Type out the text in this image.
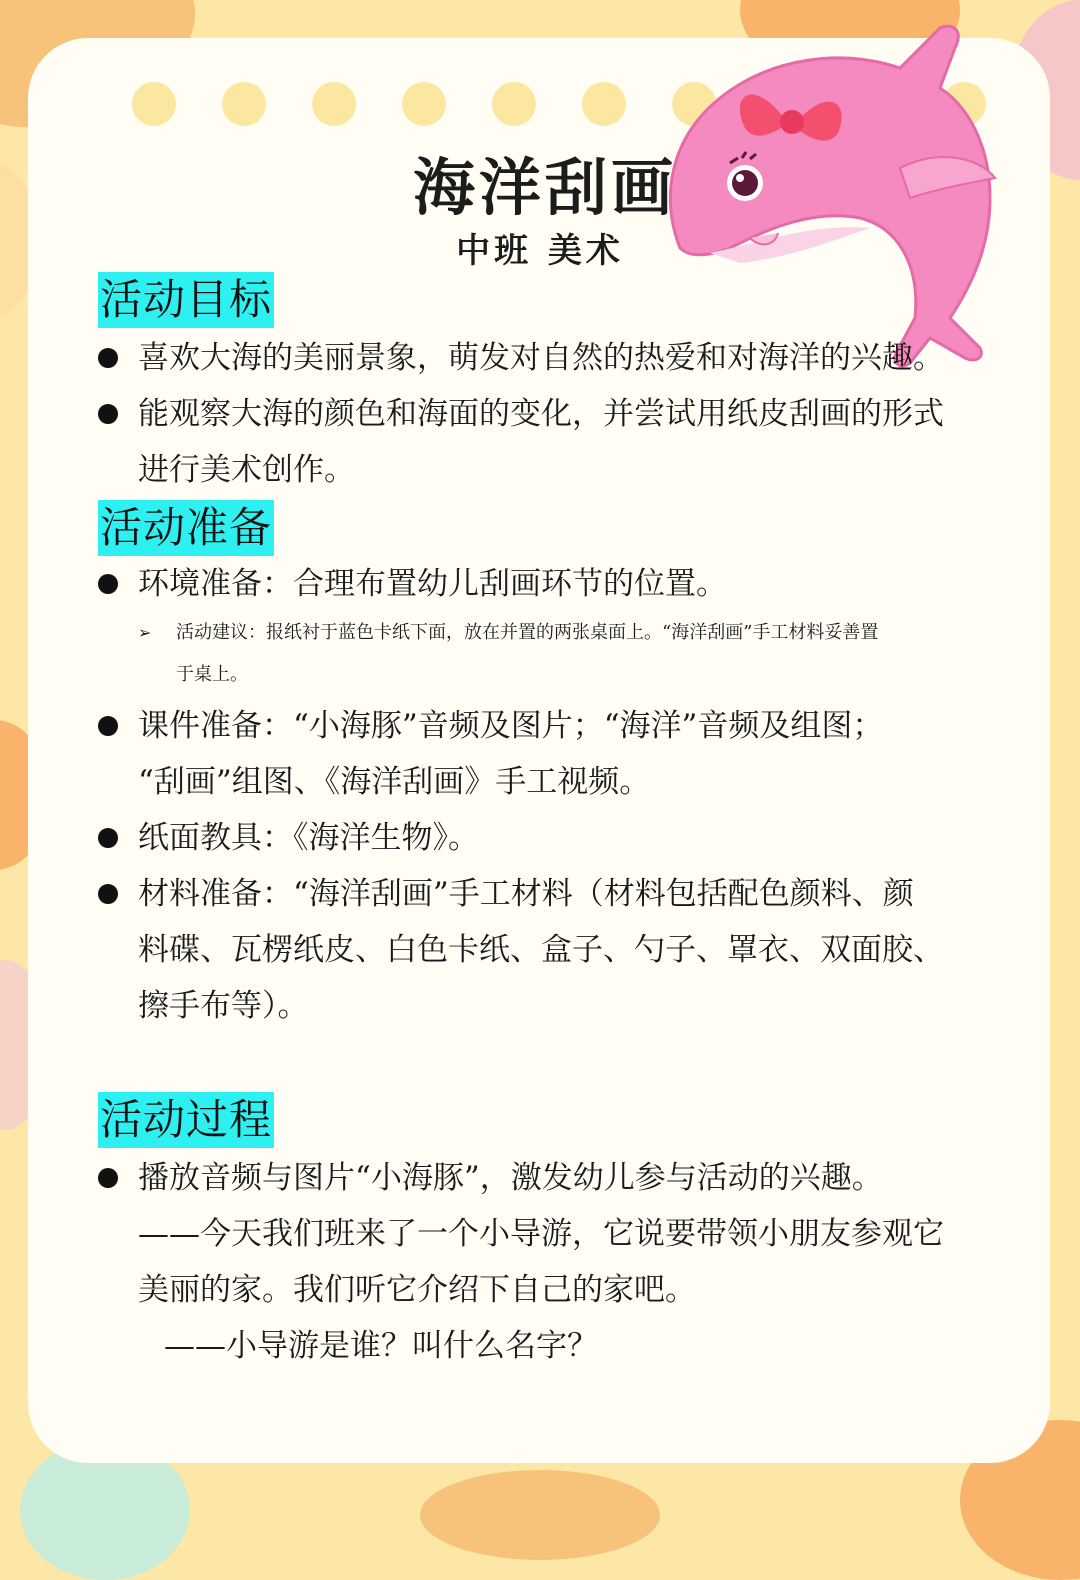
海洋刮画
中班 美术
活动目标
喜欢大海的美丽景象，萌发对自然的热爱和对海洋的兴趣。
能观察大海的颜色和海面的变化，并尝试用纸皮刮画的形式
进行美术创作。
活动准备
环境准备：合理布置幼儿刮画环节的位置。
➢ 活动建议：报纸衬于蓝色卡纸下面，放在并置的两张桌面上。“海洋刮画”手工材料妥善置
于桌上。
课件准备：“小海豚”音频及图片；“海洋”音频及组图；
“刮画”组图、《海洋刮画》手工视频。
纸面教具：《海洋生物》。
材料准备：“海洋刮画”手工材料（材料包括配色颜料、颜
料碟、瓦楞纸皮、白色卡纸、盒子、勺子、罩衣、双面胶、
擦手布等）。
活动过程
播放音频与图片“小海豚”，激发幼儿参与活动的兴趣。
——今天我们班来了一个小导游，它说要带领小朋友参观它
美丽的家。我们听它介绍下自己的家吧。
——小导游是谁？叫什么名字？
